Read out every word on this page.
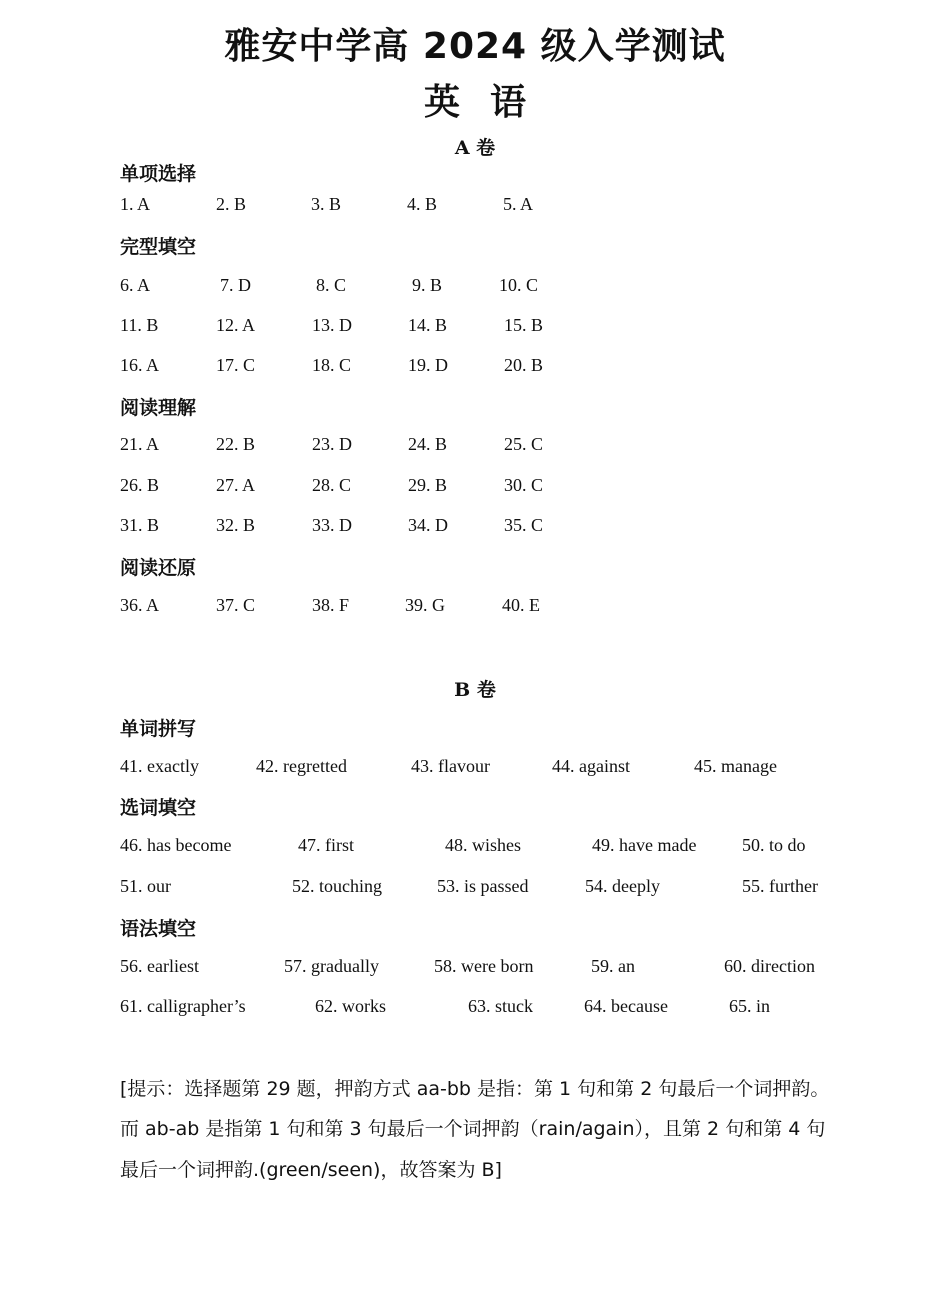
雅安中学高 2024 级入学测试
英语
A 卷
单项选择
1. A	2. B	3. B	4. B	5. A
完型填空
6. A	7. D	8. C	9. B	10. C
11. B	12. A	13. D	14. B	15. B
16. A	17. C	18. C	19. D	20. B
阅读理解
21. A	22. B	23. D	24. B	25. C
26. B	27. A	28. C	29. B	30. C
31. B	32. B	33. D	34. D	35. C
阅读还原
36. A	37. C	38. F	39. G	40. E
B 卷
单词拼写
41. exactly	42. regretted	43. flavour	44. against	45. manage
选词填空
46. has become	47. first	48. wishes	49. have made	50. to do
51. our	52. touching	53. is passed	54. deeply	55. further
语法填空
56. earliest	57. gradually	58. were born	59. an	60. direction
61. calligrapher’s	62. works	63. stuck	64. because	65. in
[提示：选择题第 29 题，押韵方式 aa-bb 是指：第 1 句和第 2 句最后一个词押韵。
而 ab-ab 是指第 1 句和第 3 句最后一个词押韵（rain/again），且第 2 句和第 4 句
最后一个词押韵.(green/seen)，故答案为 B]
